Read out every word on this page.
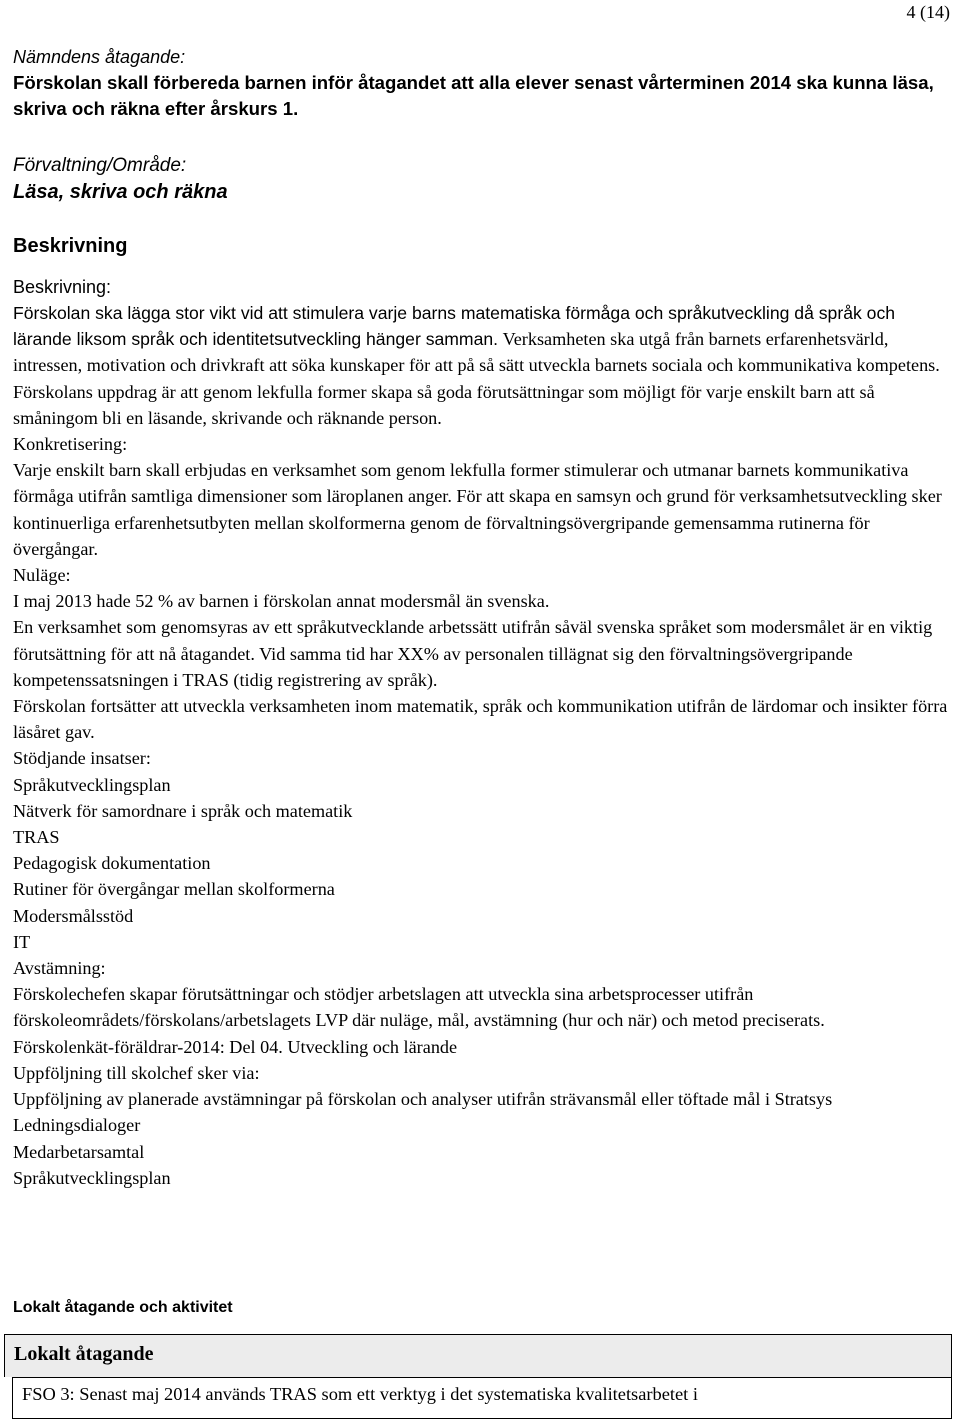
4 (14)
Nämndens åtagande:
Förskolan skall förbereda barnen inför åtagandet att alla elever senast vårterminen 2014 ska kunna läsa, skriva och räkna efter årskurs 1.
Förvaltning/Område:
Läsa, skriva och räkna
Beskrivning
Beskrivning:

Förskolan ska lägga stor vikt vid att stimulera varje barns matematiska förmåga och språkutveckling då språk och lärande liksom språk och identitetsutveckling hänger samman. Verksamheten ska utgå från barnets erfarenhetsvärld, intressen, motivation och drivkraft att söka kunskaper för att på så sätt utveckla barnets sociala och kommunikativa kompetens. Förskolans uppdrag är att genom lekfulla former skapa så goda förutsättningar som möjligt för varje enskilt barn att så småningom bli en läsande, skrivande och räknande person.

Konkretisering:

Varje enskilt barn skall erbjudas en verksamhet som genom lekfulla former stimulerar och utmanar barnets kommunikativa förmåga utifrån samtliga dimensioner som läroplanen anger. För att skapa en samsyn och grund för verksamhetsutveckling sker kontinuerliga erfarenhetsutbyten mellan skolformerna genom de förvaltningsövergripande gemensamma rutinerna för övergångar.

Nuläge:

I maj 2013 hade 52 % av barnen i förskolan annat modersmål än svenska.

En verksamhet som genomsyras av ett språkutvecklande arbetssätt utifrån såväl svenska språket som modersmålet är en viktig förutsättning för att nå åtagandet. Vid samma tid har XX% av personalen tillägnat sig den förvaltningsövergripande kompetenssatsningen i TRAS (tidig registrering av språk).

Förskolan fortsätter att utveckla verksamheten inom matematik, språk och kommunikation utifrån de lärdomar och insikter förra läsåret gav.

Stödjande insatser:

Språkutvecklingsplan

Nätverk för samordnare i språk och matematik

TRAS

Pedagogisk dokumentation

Rutiner för övergångar mellan skolformerna

Modersmålsstöd

IT

Avstämning:

Förskolechefen skapar förutsättningar och stödjer arbetslagen att utveckla sina arbetsprocesser utifrån förskoleområdets/förskolans/arbetslagets LVP där nuläge, mål, avstämning (hur och när) och metod preciserats.

Förskolenkät-föräldrar-2014: Del 04. Utveckling och lärande

Uppföljning till skolchef sker via:

Uppföljning av planerade avstämningar på förskolan och analyser utifrån strävansmål eller töftade mål i Stratsys

Ledningsdialoger

Medarbetarsamtal

Språkutvecklingsplan

Lokalt åtagande och aktivitet
Lokalt åtagande
FSO 3: Senast maj 2014 används TRAS som ett verktyg i det systematiska kvalitetsarbetet i
